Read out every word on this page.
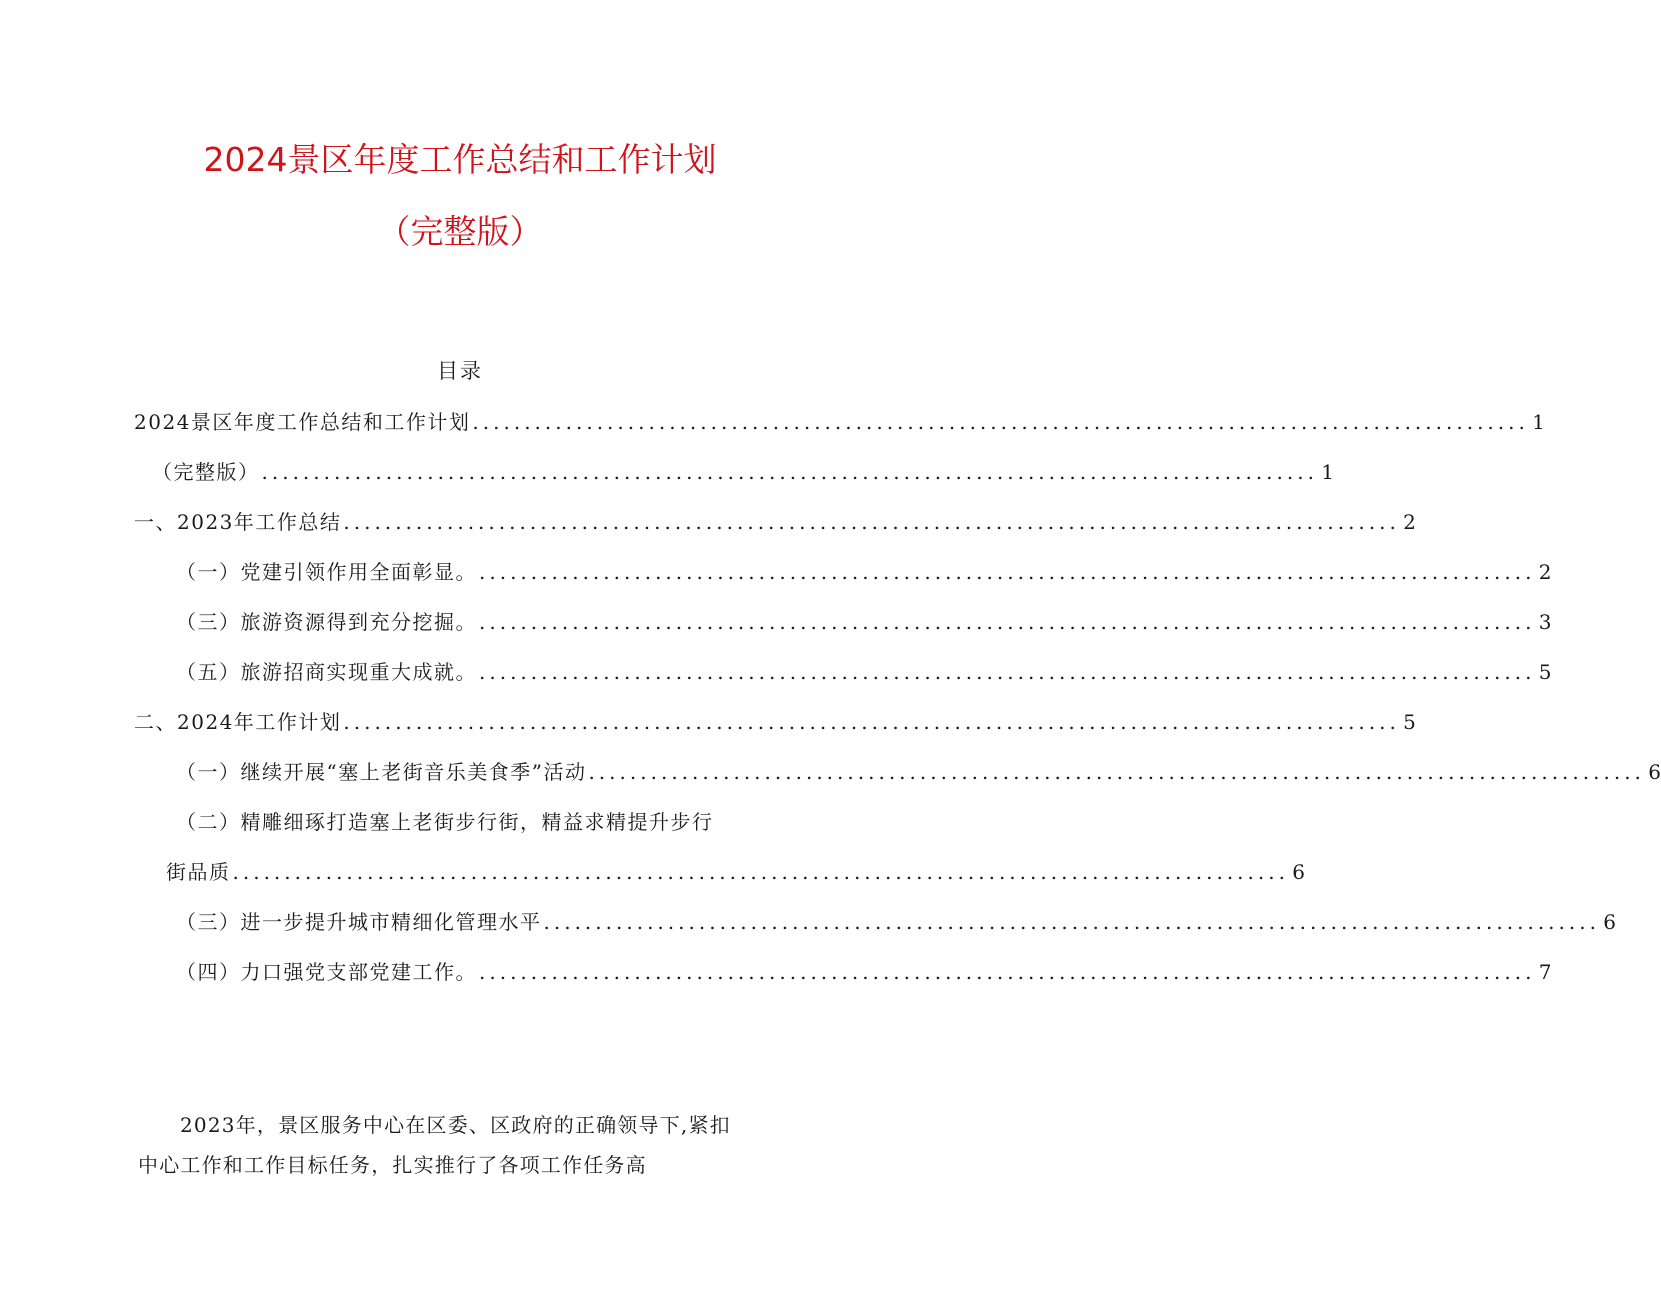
2024景区年度工作总结和工作计划
（完整版）
目录
2024景区年度工作总结和工作计划 ...................................................................................................... 1
（完整版） ...................................................................................................... 1
一、2023年工作总结 ...................................................................................................... 2
（一）党建引领作用全面彰显。 ...................................................................................................... 2
（三）旅游资源得到充分挖掘。 ...................................................................................................... 3
（五）旅游招商实现重大成就。 ...................................................................................................... 5
二、2024年工作计划 ...................................................................................................... 5
（一）继续开展“塞上老街音乐美食季”活动 ...................................................................................................... 6
（二）精雕细琢打造塞上老街步行街，精益求精提升步行
街品质 ...................................................................................................... 6
（三）进一步提升城市精细化管理水平 ...................................................................................................... 6
（四）力口强党支部党建工作。 ...................................................................................................... 7
2023年，景区服务中心在区委、区政府的正确领导下,紧扣
中心工作和工作目标任务，扎实推行了各项工作任务高
